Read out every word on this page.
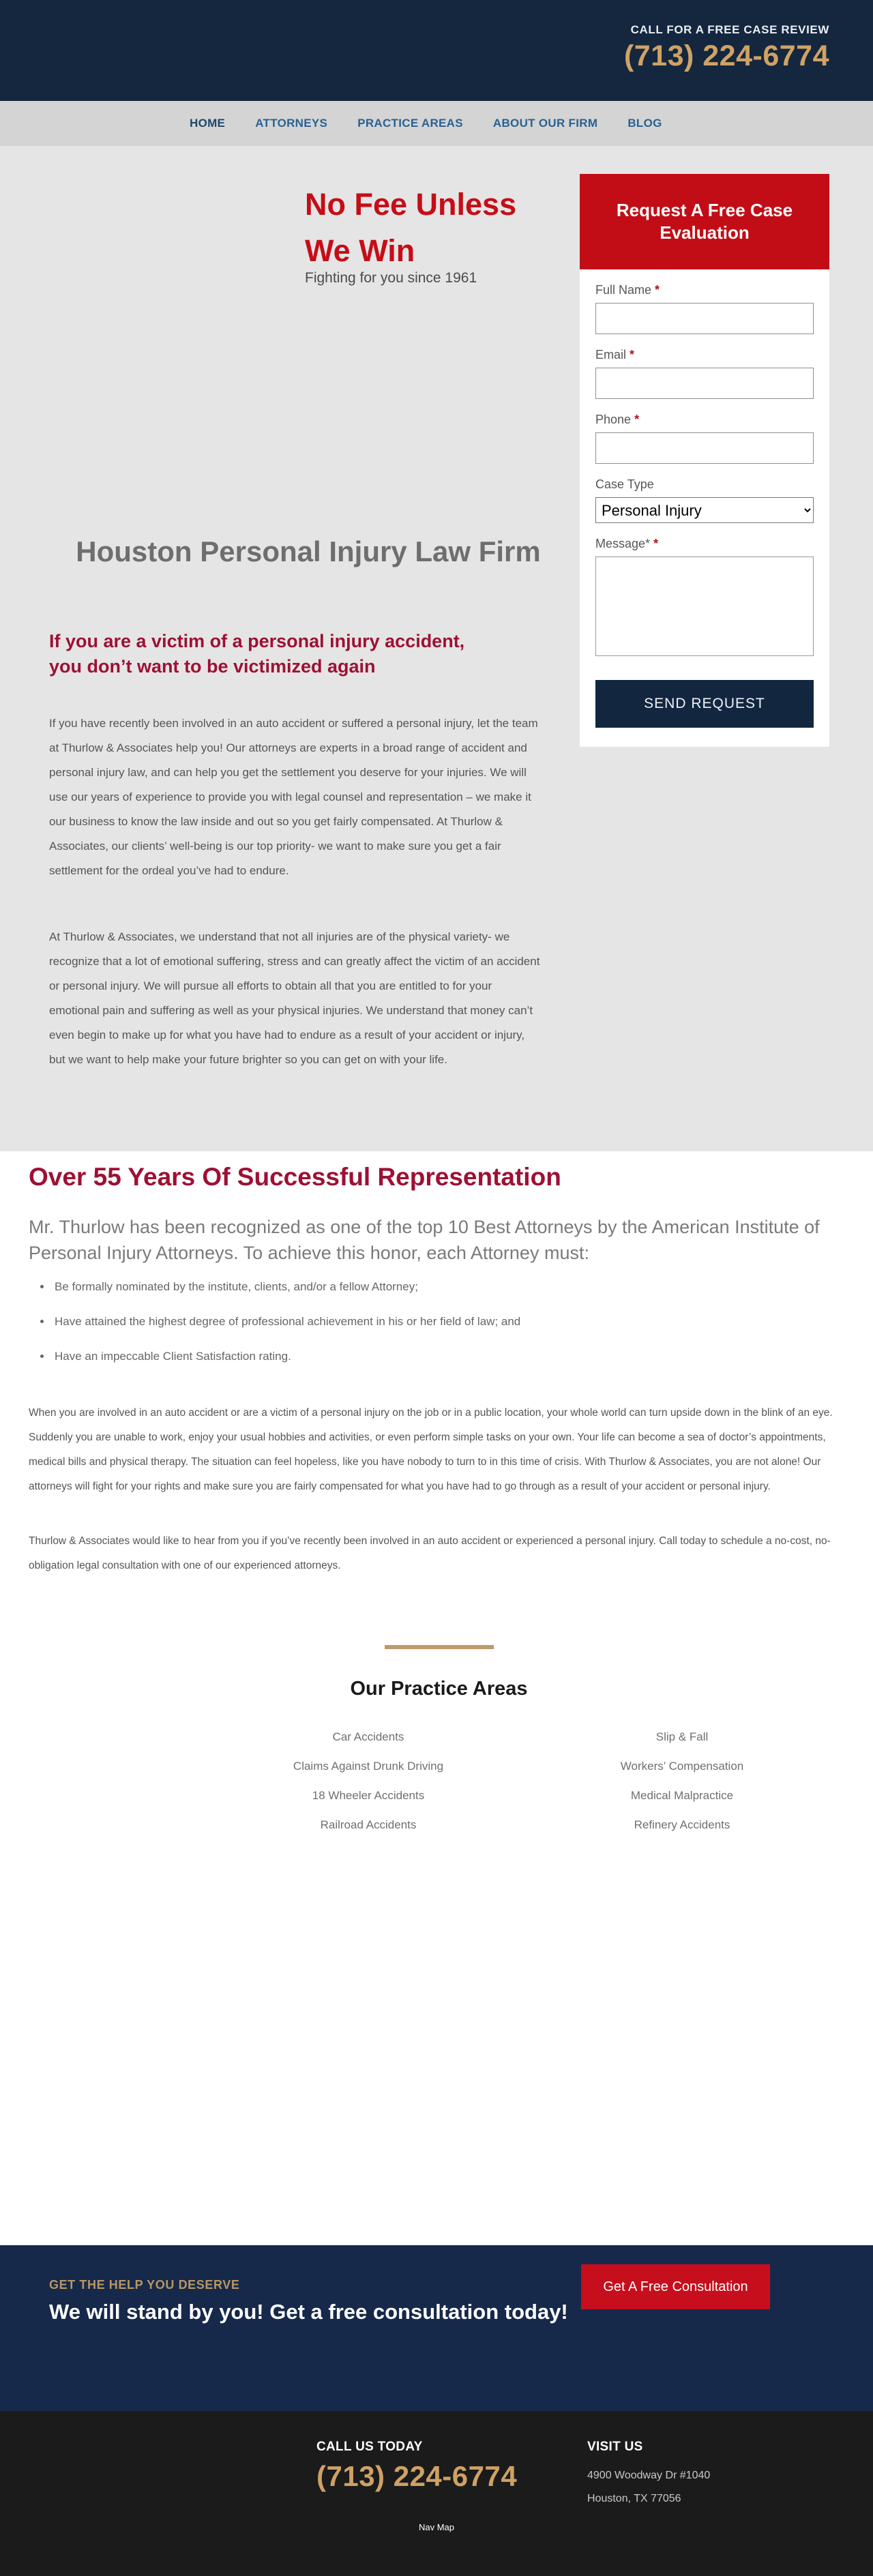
CALL FOR A FREE CASE REVIEW
(713) 224-6774
HOME	ATTORNEYS	PRACTICE AREAS	ABOUT OUR FIRM	BLOG
No Fee Unless
We Win
Fighting for you since 1961
Houston Personal Injury Law Firm
If you are a victim of a personal injury accident, you don’t want to be victimized again

If you have recently been involved in an auto accident or suffered a personal injury, let the team at Thurlow & Associates help you! Our attorneys are experts in a broad range of accident and personal injury law, and can help you get the settlement you deserve for your injuries. We will use our years of experience to provide you with legal counsel and representation – we make it our business to know the law inside and out so you get fairly compensated. At Thurlow & Associates, our clients’ well-being is our top priority- we want to make sure you get a fair settlement for the ordeal you’ve had to endure.

At Thurlow & Associates, we understand that not all injuries are of the physical variety- we recognize that a lot of emotional suffering, stress and can greatly affect the victim of an accident or personal injury. We will pursue all efforts to obtain all that you are entitled to for your emotional pain and suffering as well as your physical injuries. We understand that money can’t even begin to make up for what you have had to endure as a result of your accident or injury, but we want to help make your future brighter so you can get on with your life.

Request A Free Case Evaluation
Full Name *
Email *
Phone *
Case Type
Personal Injury
Message* *
SEND REQUEST
Over 55 Years Of Successful Representation

Mr. Thurlow has been recognized as one of the top 10 Best Attorneys by the American Institute of Personal Injury Attorneys. To achieve this honor, each Attorney must:

• Be formally nominated by the institute, clients, and/or a fellow Attorney;
• Have attained the highest degree of professional achievement in his or her field of law; and
• Have an impeccable Client Satisfaction rating.

When you are involved in an auto accident or are a victim of a personal injury on the job or in a public location, your whole world can turn upside down in the blink of an eye. Suddenly you are unable to work, enjoy your usual hobbies and activities, or even perform simple tasks on your own. Your life can become a sea of doctor’s appointments, medical bills and physical therapy. The situation can feel hopeless, like you have nobody to turn to in this time of crisis. With Thurlow & Associates, you are not alone! Our attorneys will fight for your rights and make sure you are fairly compensated for what you have had to go through as a result of your accident or personal injury.

Thurlow & Associates would like to hear from you if you’ve recently been involved in an auto accident or experienced a personal injury. Call today to schedule a no-cost, no-obligation legal consultation with one of our experienced attorneys.

Our Practice Areas
Car Accidents	Slip & Fall
Claims Against Drunk Driving	Workers’ Compensation
18 Wheeler Accidents	Medical Malpractice
Railroad Accidents	Refinery Accidents
GET THE HELP YOU DESERVE
We will stand by you! Get a free consultation today!
Get A Free Consultation
CALL US TODAY
(713) 224-6774
VISIT US
4900 Woodway Dr #1040
Houston, TX 77056
Nav Map
